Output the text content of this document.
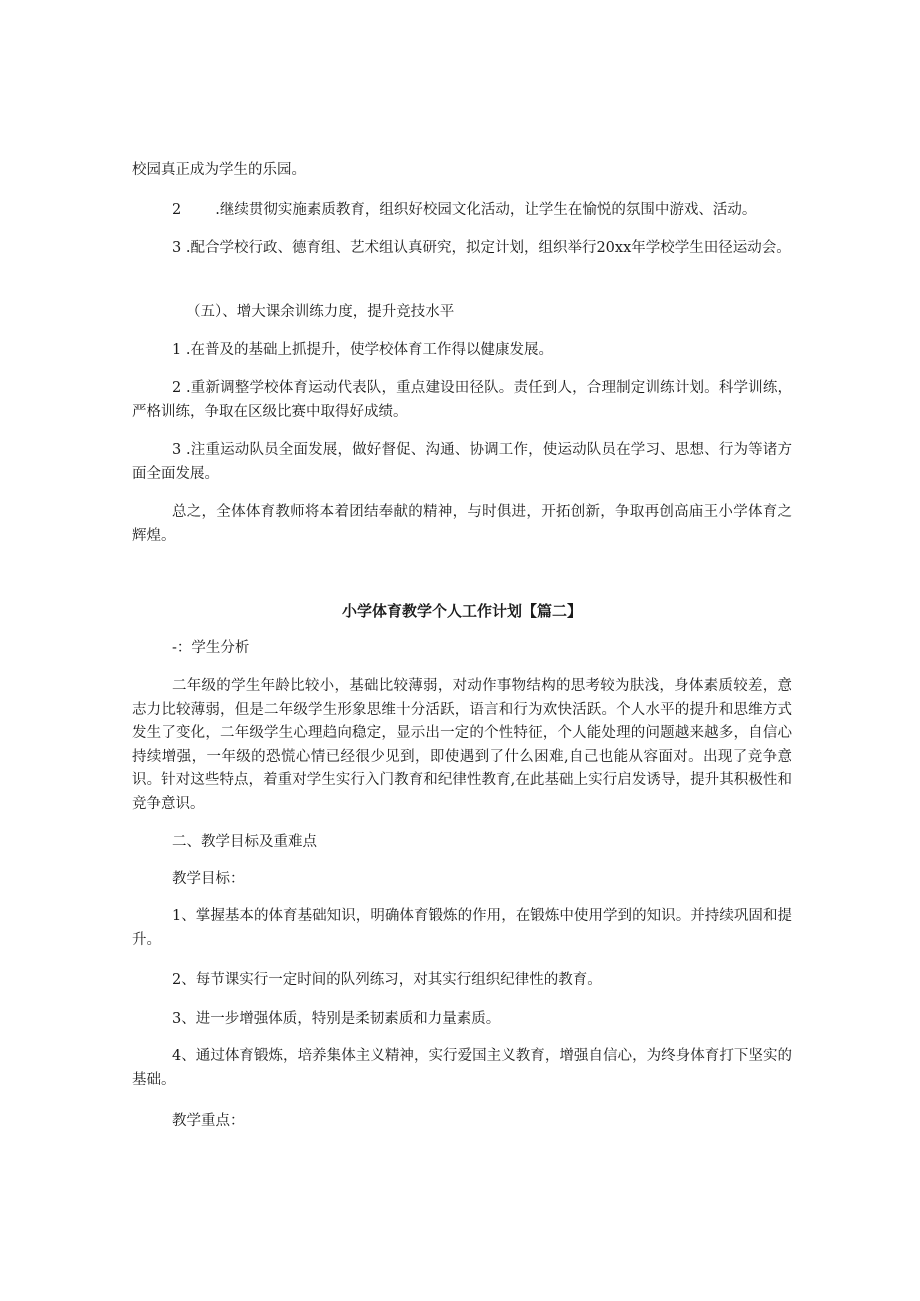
校园真正成为学生的乐园。
2 .继续贯彻实施素质教育，组织好校园文化活动，让学生在愉悦的氛围中游戏、活动。
3 .配合学校行政、德育组、艺术组认真研究，拟定计划，组织举行20xx年学校学生田径运动会。
（五）、增大课余训练力度，提升竞技水平
1 .在普及的基础上抓提升，使学校体育工作得以健康发展。
2 .重新调整学校体育运动代表队，重点建设田径队。责任到人，合理制定训练计划。科学训练，严格训练，争取在区级比赛中取得好成绩。
3 .注重运动队员全面发展，做好督促、沟通、协调工作，使运动队员在学习、思想、行为等诸方面全面发展。
总之，全体体育教师将本着团结奉献的精神，与时俱进，开拓创新，争取再创高庙王小学体育之辉煌。
小学体育教学个人工作计划【篇二】
-：学生分析
二年级的学生年龄比较小，基础比较薄弱，对动作事物结构的思考较为肤浅，身体素质较差，意志力比较薄弱，但是二年级学生形象思维十分活跃，语言和行为欢快活跃。个人水平的提升和思维方式发生了变化，二年级学生心理趋向稳定，显示出一定的个性特征，个人能处理的问题越来越多，自信心持续增强，一年级的恐慌心情已经很少见到，即使遇到了什么困难,自己也能从容面对。出现了竞争意识。针对这些特点，着重对学生实行入门教育和纪律性教育,在此基础上实行启发诱导，提升其积极性和竞争意识。
二、教学目标及重难点
教学目标：
1、掌握基本的体育基础知识，明确体育锻炼的作用，在锻炼中使用学到的知识。并持续巩固和提升。
2、每节课实行一定时间的队列练习，对其实行组织纪律性的教育。
3、进一步增强体质，特别是柔韧素质和力量素质。
4、通过体育锻炼，培养集体主义精神，实行爱国主义教育，增强自信心，为终身体育打下坚实的基础。
教学重点：
